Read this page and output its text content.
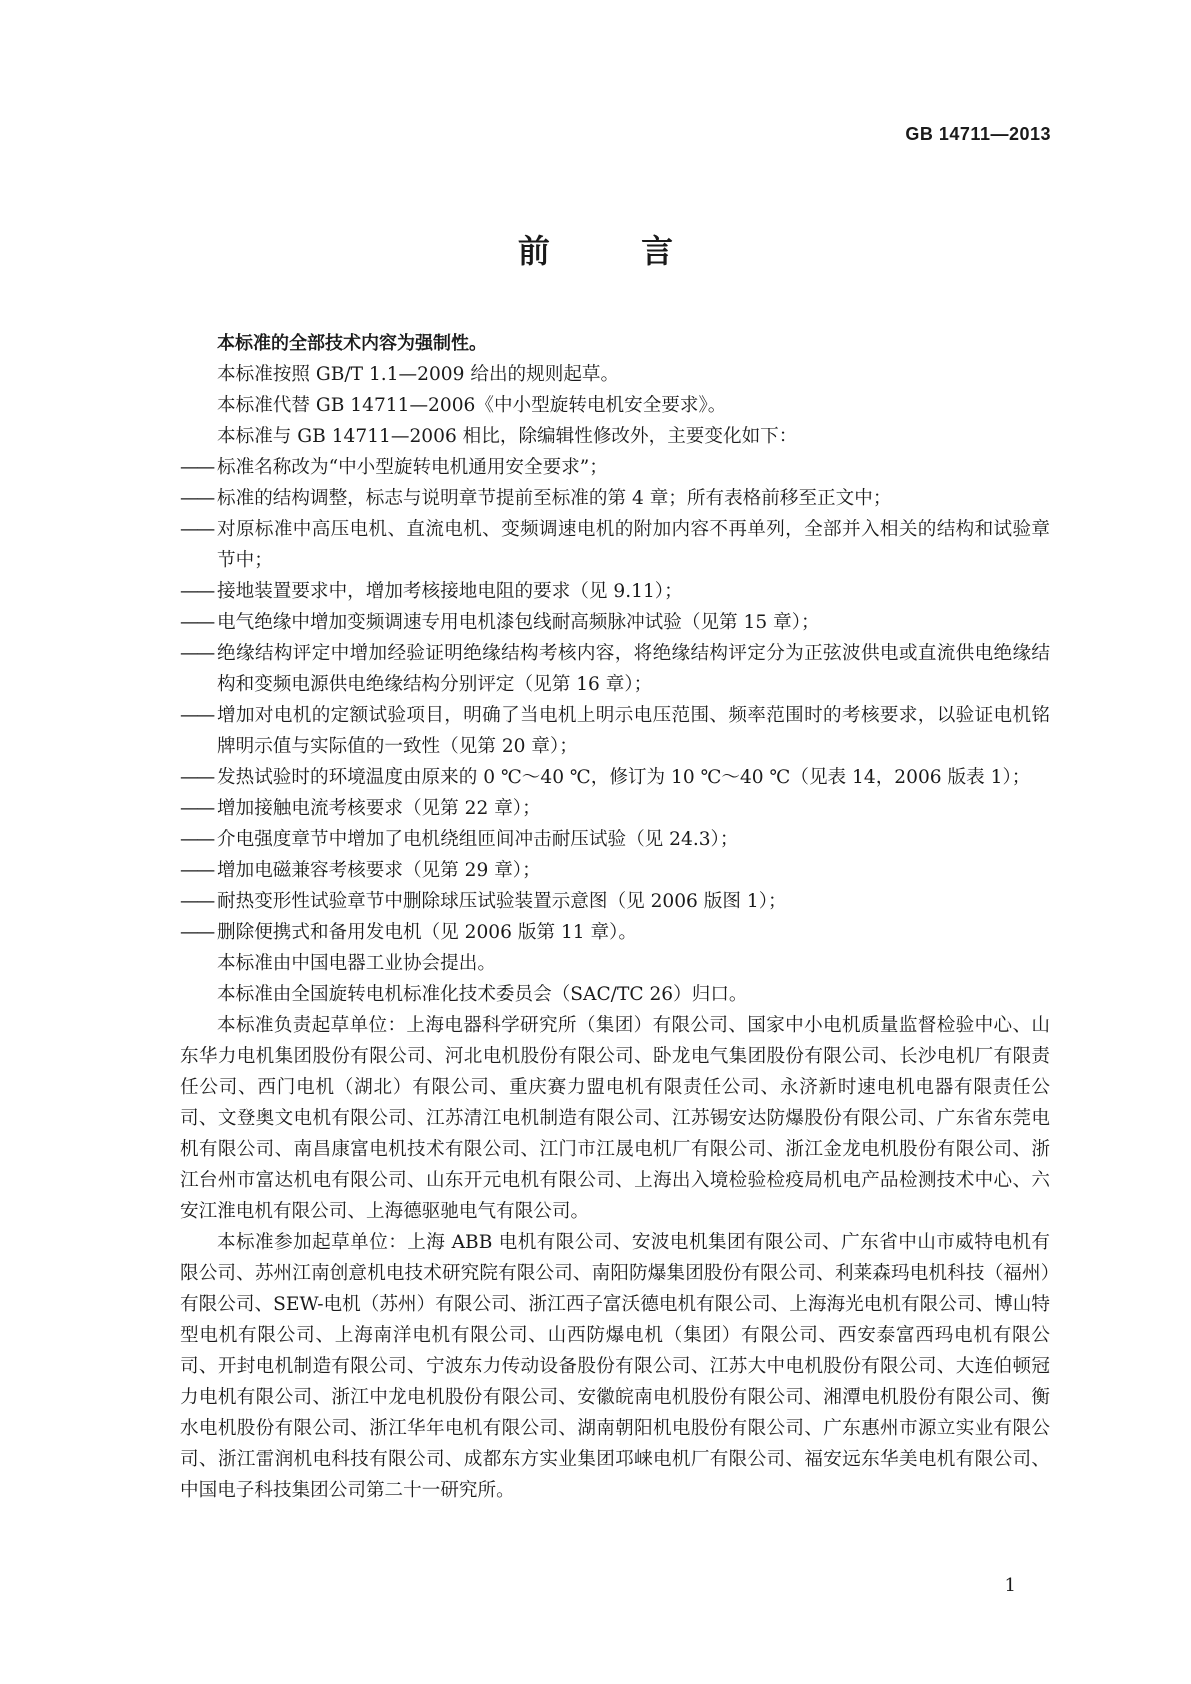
GB 14711—2013
前 言

本标准的全部技术内容为强制性。

本标准按照 GB/T 1.1—2009 给出的规则起草。

本标准代替 GB 14711—2006《中小型旋转电机安全要求》。

本标准与 GB 14711—2006 相比，除编辑性修改外，主要变化如下：

—— 标准名称改为“中小型旋转电机通用安全要求”；
—— 标准的结构调整，标志与说明章节提前至标准的第 4 章；所有表格前移至正文中；
—— 对原标准中高压电机、直流电机、变频调速电机的附加内容不再单列，全部并入相关的结构和试验章节中；
—— 接地装置要求中，增加考核接地电阻的要求（见 9.11）；
—— 电气绝缘中增加变频调速专用电机漆包线耐高频脉冲试验（见第 15 章）；
—— 绝缘结构评定中增加经验证明绝缘结构考核内容，将绝缘结构评定分为正弦波供电或直流供电绝缘结构和变频电源供电绝缘结构分别评定（见第 16 章）；
—— 增加对电机的定额试验项目，明确了当电机上明示电压范围、频率范围时的考核要求，以验证电机铭牌明示值与实际值的一致性（见第 20 章）；
—— 发热试验时的环境温度由原来的 0 ℃～40 ℃，修订为 10 ℃～40 ℃（见表 14，2006 版表 1）；
—— 增加接触电流考核要求（见第 22 章）；
—— 介电强度章节中增加了电机绕组匝间冲击耐压试验（见 24.3）；
—— 增加电磁兼容考核要求（见第 29 章）；
—— 耐热变形性试验章节中删除球压试验装置示意图（见 2006 版图 1）；
—— 删除便携式和备用发电机（见 2006 版第 11 章）。

本标准由中国电器工业协会提出。

本标准由全国旋转电机标准化技术委员会（SAC/TC 26）归口。

本标准负责起草单位：上海电器科学研究所（集团）有限公司、国家中小电机质量监督检验中心、山东华力电机集团股份有限公司、河北电机股份有限公司、卧龙电气集团股份有限公司、长沙电机厂有限责任公司、西门电机（湖北）有限公司、重庆赛力盟电机有限责任公司、永济新时速电机电器有限责任公司、文登奥文电机有限公司、江苏清江电机制造有限公司、江苏锡安达防爆股份有限公司、广东省东莞电机有限公司、南昌康富电机技术有限公司、江门市江晟电机厂有限公司、浙江金龙电机股份有限公司、浙江台州市富达机电有限公司、山东开元电机有限公司、上海出入境检验检疫局机电产品检测技术中心、六安江淮电机有限公司、上海德驱驰电气有限公司。

本标准参加起草单位：上海 ABB 电机有限公司、安波电机集团有限公司、广东省中山市威特电机有限公司、苏州江南创意机电技术研究院有限公司、南阳防爆集团股份有限公司、利莱森玛电机科技（福州）有限公司、SEW-电机（苏州）有限公司、浙江西子富沃德电机有限公司、上海海光电机有限公司、博山特型电机有限公司、上海南洋电机有限公司、山西防爆电机（集团）有限公司、西安泰富西玛电机有限公司、开封电机制造有限公司、宁波东力传动设备股份有限公司、江苏大中电机股份有限公司、大连伯顿冠力电机有限公司、浙江中龙电机股份有限公司、安徽皖南电机股份有限公司、湘潭电机股份有限公司、衡水电机股份有限公司、浙江华年电机有限公司、湖南朝阳机电股份有限公司、广东惠州市源立实业有限公司、浙江雷润机电科技有限公司、成都东方实业集团邛崃电机厂有限公司、福安远东华美电机有限公司、中国电子科技集团公司第二十一研究所。

1
